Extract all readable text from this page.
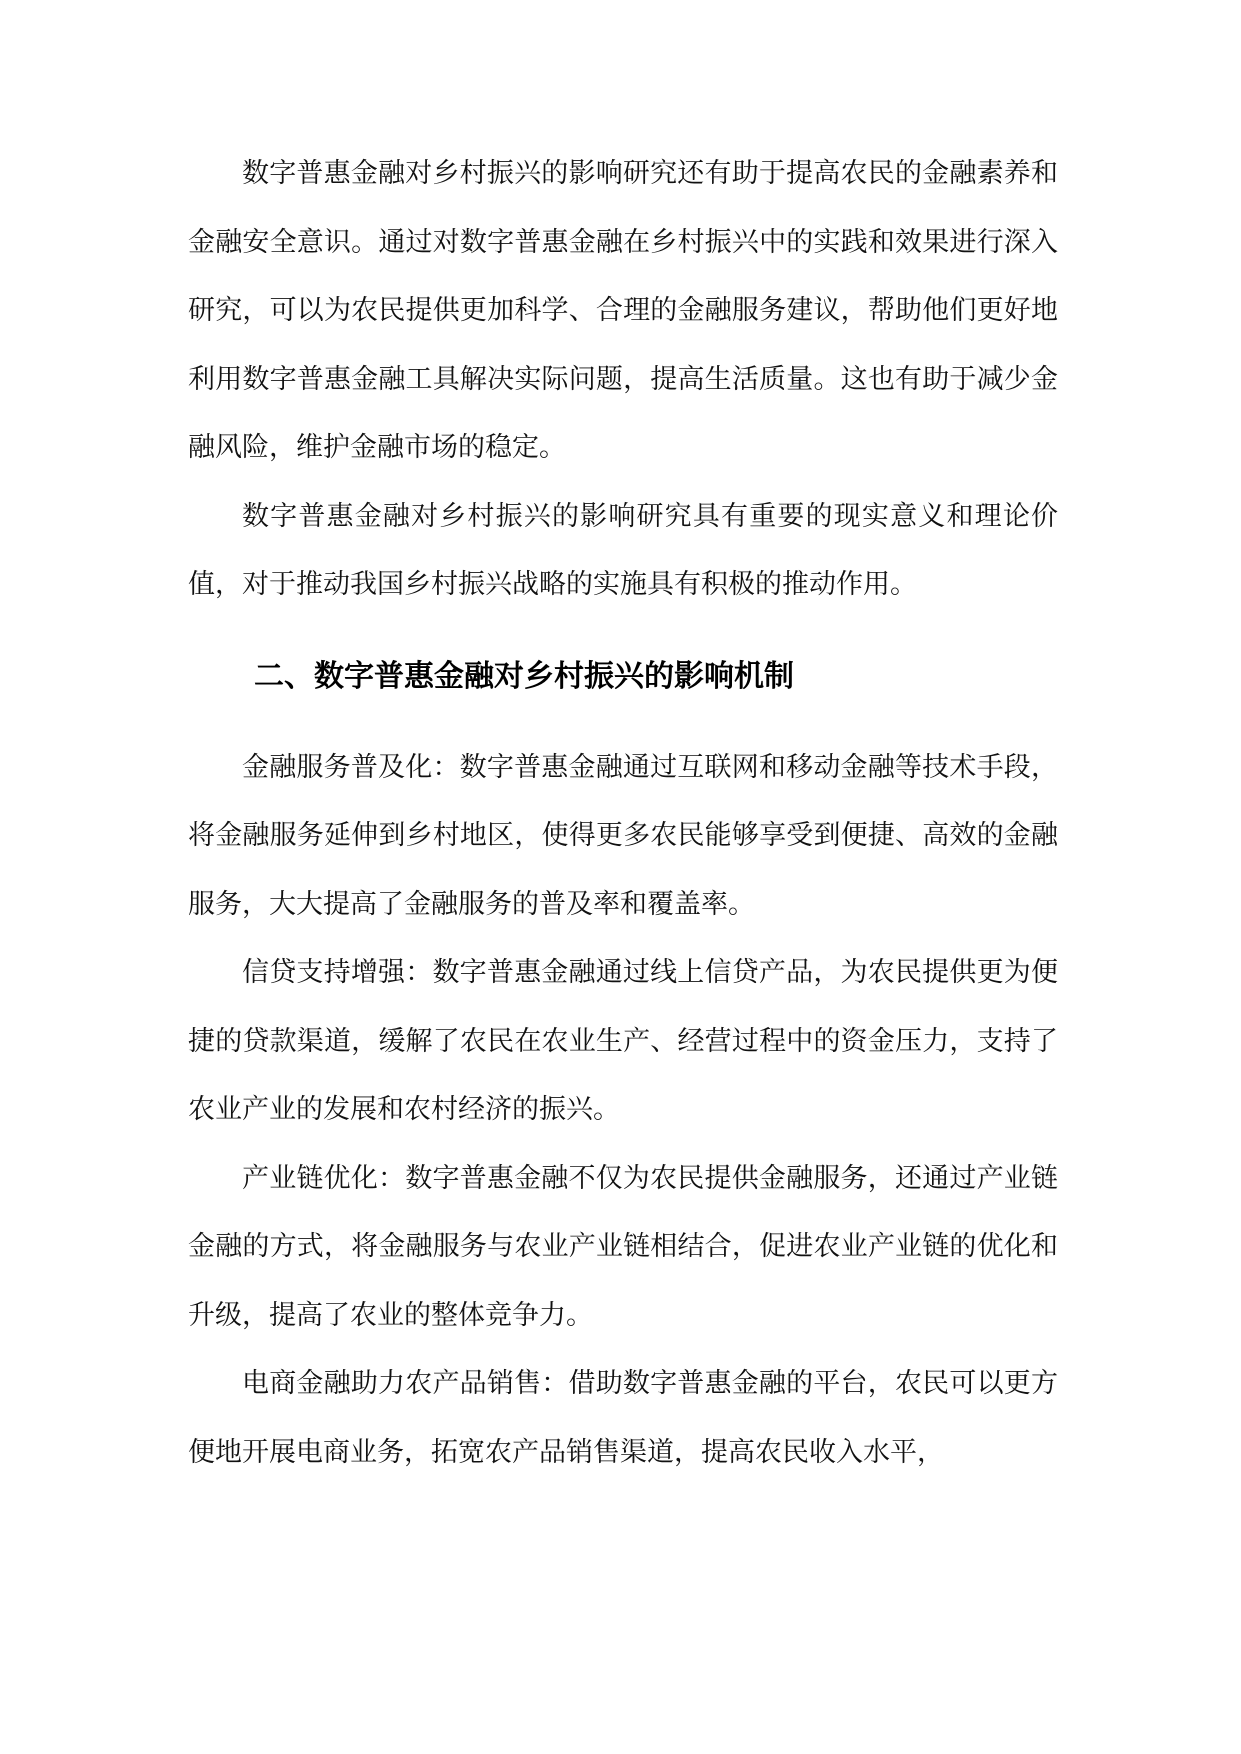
数字普惠金融对乡村振兴的影响研究还有助于提高农民的金融素养和金融安全意识。通过对数字普惠金融在乡村振兴中的实践和效果进行深入研究，可以为农民提供更加科学、合理的金融服务建议，帮助他们更好地利用数字普惠金融工具解决实际问题，提高生活质量。这也有助于减少金融风险，维护金融市场的稳定。

数字普惠金融对乡村振兴的影响研究具有重要的现实意义和理论价值，对于推动我国乡村振兴战略的实施具有积极的推动作用。

二、数字普惠金融对乡村振兴的影响机制

金融服务普及化：数字普惠金融通过互联网和移动金融等技术手段，将金融服务延伸到乡村地区，使得更多农民能够享受到便捷、高效的金融服务，大大提高了金融服务的普及率和覆盖率。

信贷支持增强：数字普惠金融通过线上信贷产品，为农民提供更为便捷的贷款渠道，缓解了农民在农业生产、经营过程中的资金压力，支持了农业产业的发展和农村经济的振兴。

产业链优化：数字普惠金融不仅为农民提供金融服务，还通过产业链金融的方式，将金融服务与农业产业链相结合，促进农业产业链的优化和升级，提高了农业的整体竞争力。

电商金融助力农产品销售：借助数字普惠金融的平台，农民可以更方便地开展电商业务，拓宽农产品销售渠道，提高农民收入水平，
